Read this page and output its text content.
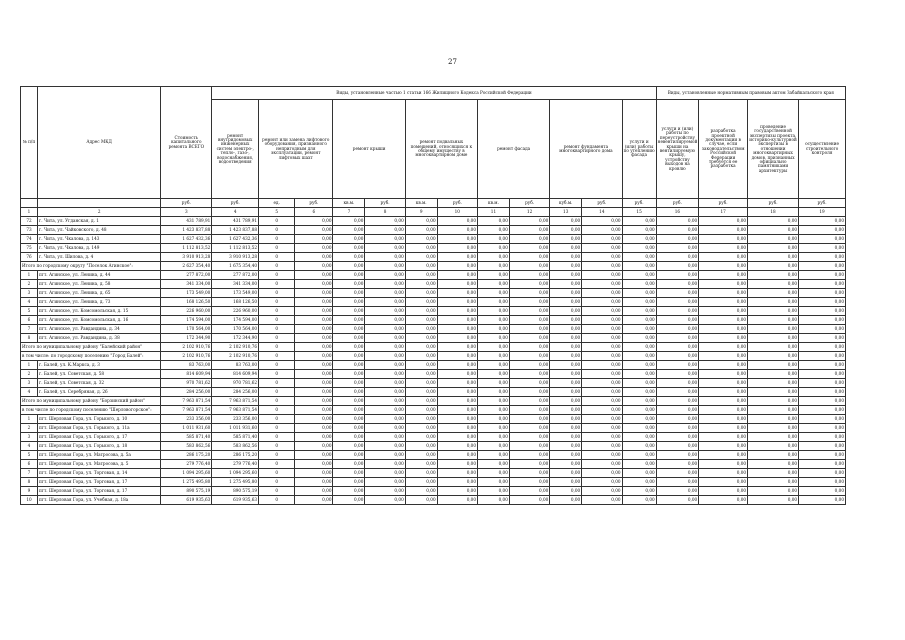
27
№ п/п	Адрес МКД	Стоимость капитального ремонта ВСЕГО	Виды, установленные частью 1 статьи 166 Жилищного Кодекса Российской Федерации												Виды, установленные нормативным правовым актом Забайкальского края			
			ремонт внутридомовых инженерных систем электро-, тепло-, газо-, водоснабжения, водоотведения	ремонт или замена лифтового оборудования, признанного непригодным для эксплуатации, ремонт лифтовых шахт		ремонт крыши		ремонт подвальных помещений, относящихся к общему имуществу в многоквартирном доме		ремонт фасада		ремонт фундамента многоквартирного дома		услуги и (или) работы по утеплению фасада	услуги и (или) работы по переустройству невентилируемой крыши на вентилируемую крышу, устройству выходов на кровлю	разработка проектной документации в случае, если законодательством Российской Федерации требуется ее разработка	проведение государственной экспертизы проекта, историко-культурной экспертизы в отношении многоквартирных домов, признанных официально памятниками архитектуры	осуществление строительного контроля
		руб.	руб.	ед.	руб.	кв.м.	руб.	кв.м.	руб.	кв.м.	руб.	куб.м.	руб.	руб.	руб.	руб.	руб.	руб.
1	2	3	4	5	6	7	8	9	10	11	12	13	14	15	16	17	18	19
72	г. Чита, ул. Угданская, д. 1	431 789,91	431 789,91	0	0,00	0,00	0,00	0,00	0,00	0,00	0,00	0,00	0,00	0,00	0,00	0,00	0,00	0,00
73	г. Чита, ул. Чайковского, д. 48	1 423 837,88	1 423 837,88	0	0,00	0,00	0,00	0,00	0,00	0,00	0,00	0,00	0,00	0,00	0,00	0,00	0,00	0,00
74	г. Чита, ул. Чкалова, д. 143	1 627 432,36	1 627 432,36	0	0,00	0,00	0,00	0,00	0,00	0,00	0,00	0,00	0,00	0,00	0,00	0,00	0,00	0,00
75	г. Чита, ул. Чкалова, д. 149	1 112 813,52	1 112 813,52	0	0,00	0,00	0,00	0,00	0,00	0,00	0,00	0,00	0,00	0,00	0,00	0,00	0,00	0,00
76	г. Чита, ул. Шилова, д. 4	3 910 913,28	3 910 913,28	0	0,00	0,00	0,00	0,00	0,00	0,00	0,00	0,00	0,00	0,00	0,00	0,00	0,00	0,00
Итого по городскому округу "Поселок Агинское":		2 627 354,40	1 675 354,40	0	0,00	0,00	0,00	0,00	0,00	0,00	0,00	0,00	0,00	0,00	0,00	0,00	0,00	0,00
1	пгт. Агинское, ул. Ленина, д. 44	277 872,00	277 872,00	0	0,00	0,00	0,00	0,00	0,00	0,00	0,00	0,00	0,00	0,00	0,00	0,00	0,00	0,00
2	пгт. Агинское, ул. Ленина, д. 58	341 334,00	341 334,00	0	0,00	0,00	0,00	0,00	0,00	0,00	0,00	0,00	0,00	0,00	0,00	0,00	0,00	0,00
3	пгт. Агинское, ул. Ленина, д. 65	173 549,00	173 549,00	0	0,00	0,00	0,00	0,00	0,00	0,00	0,00	0,00	0,00	0,00	0,00	0,00	0,00	0,00
4	пгт. Агинское, ул. Ленина, д. 73	168 126,50	168 126,50	0	0,00	0,00	0,00	0,00	0,00	0,00	0,00	0,00	0,00	0,00	0,00	0,00	0,00	0,00
5	пгт. Агинское, ул. Комсомольская, д. 15	226 960,00	226 960,00	0	0,00	0,00	0,00	0,00	0,00	0,00	0,00	0,00	0,00	0,00	0,00	0,00	0,00	0,00
6	пгт. Агинское, ул. Комсомольская, д. 16	174 594,00	174 594,00	0	0,00	0,00	0,00	0,00	0,00	0,00	0,00	0,00	0,00	0,00	0,00	0,00	0,00	0,00
7	пгт. Агинское, ул. Равдандина, д. 34	170 564,00	170 564,00	0	0,00	0,00	0,00	0,00	0,00	0,00	0,00	0,00	0,00	0,00	0,00	0,00	0,00	0,00
8	пгт. Агинское, ул. Равдандина, д. 38	172 344,90	172 344,90	0	0,00	0,00	0,00	0,00	0,00	0,00	0,00	0,00	0,00	0,00	0,00	0,00	0,00	0,00
Итого по муниципальному району "Балейский район"		2 102 910,76	2 102 910,76	0	0,00	0,00	0,00	0,00	0,00	0,00	0,00	0,00	0,00	0,00	0,00	0,00	0,00	0,00
в том числе: по городскому поселению "Город Балей":		2 102 910,76	2 102 910,76	0	0,00	0,00	0,00	0,00	0,00	0,00	0,00	0,00	0,00	0,00	0,00	0,00	0,00	0,00
1	г. Балей, ул. К.Маркса, д. 3	83 763,00	83 763,00	0	0,00	0,00	0,00	0,00	0,00	0,00	0,00	0,00	0,00	0,00	0,00	0,00	0,00	0,00
2	г. Балей, ул. Советская, д. 58	814 609,94	814 609,94	0	0,00	0,00	0,00	0,00	0,00	0,00	0,00	0,00	0,00	0,00	0,00	0,00	0,00	0,00
3	г. Балей, ул. Советская, д. 32	970 781,62	970 781,62	0	0,00	0,00	0,00	0,00	0,00	0,00	0,00	0,00	0,00	0,00	0,00	0,00	0,00	0,00
4	г. Балей, ул. Серебряная, д. 26	284 256,00	284 256,00	0	0,00	0,00	0,00	0,00	0,00	0,00	0,00	0,00	0,00	0,00	0,00	0,00	0,00	0,00
Итого по муниципальному району "Борзинский район"		7 963 871,54	7 963 871,54	0	0,00	0,00	0,00	0,00	0,00	0,00	0,00	0,00	0,00	0,00	0,00	0,00	0,00	0,00
в том числе по городскому поселению "Шерловогорское":		7 963 871,54	7 963 871,54	0	0,00	0,00	0,00	0,00	0,00	0,00	0,00	0,00	0,00	0,00	0,00	0,00	0,00	0,00
1	пгт. Шерловая Гора, ул. Горького, д. 10	233 356,00	233 356,00	0	0,00	0,00	0,00	0,00	0,00	0,00	0,00	0,00	0,00	0,00	0,00	0,00	0,00	0,00
2	пгт. Шерловая Гора, ул. Горького, д. 11а	1 011 931,60	1 011 931,60	0	0,00	0,00	0,00	0,00	0,00	0,00	0,00	0,00	0,00	0,00	0,00	0,00	0,00	0,00
3	пгт. Шерловая Гора, ул. Горького, д. 17	585 871,40	585 871,40	0	0,00	0,00	0,00	0,00	0,00	0,00	0,00	0,00	0,00	0,00	0,00	0,00	0,00	0,00
4	пгт. Шерловая Гора, ул. Горького, д. 18	583 862,56	583 862,56	0	0,00	0,00	0,00	0,00	0,00	0,00	0,00	0,00	0,00	0,00	0,00	0,00	0,00	0,00
5	пгт. Шерловая Гора, ул. Матросова, д. 5а	286 175,20	286 175,20	0	0,00	0,00	0,00	0,00	0,00	0,00	0,00	0,00	0,00	0,00	0,00	0,00	0,00	0,00
6	пгт. Шерловая Гора, ул. Матросова, д. 5	279 776,40	279 776,40	0	0,00	0,00	0,00	0,00	0,00	0,00	0,00	0,00	0,00	0,00	0,00	0,00	0,00	0,00
7	пгт. Шерловая Гора, ул. Торговая, д. 14	1 094 295,60	1 094 295,60	0	0,00	0,00	0,00	0,00	0,00	0,00	0,00	0,00	0,00	0,00	0,00	0,00	0,00	0,00
8	пгт. Шерловая Гора, ул. Торговая, д. 17	1 275 495,80	1 275 495,80	0	0,00	0,00	0,00	0,00	0,00	0,00	0,00	0,00	0,00	0,00	0,00	0,00	0,00	0,00
9	пгт. Шерловая Гора, ул. Торговая, д. 17	890 575,19	890 575,19	0	0,00	0,00	0,00	0,00	0,00	0,00	0,00	0,00	0,00	0,00	0,00	0,00	0,00	0,00
10	пгт. Шерловая Гора, ул. Учебная, д. 18а	619 935,63	619 935,63	0	0,00	0,00	0,00	0,00	0,00	0,00	0,00	0,00	0,00	0,00	0,00	0,00	0,00	0,00
